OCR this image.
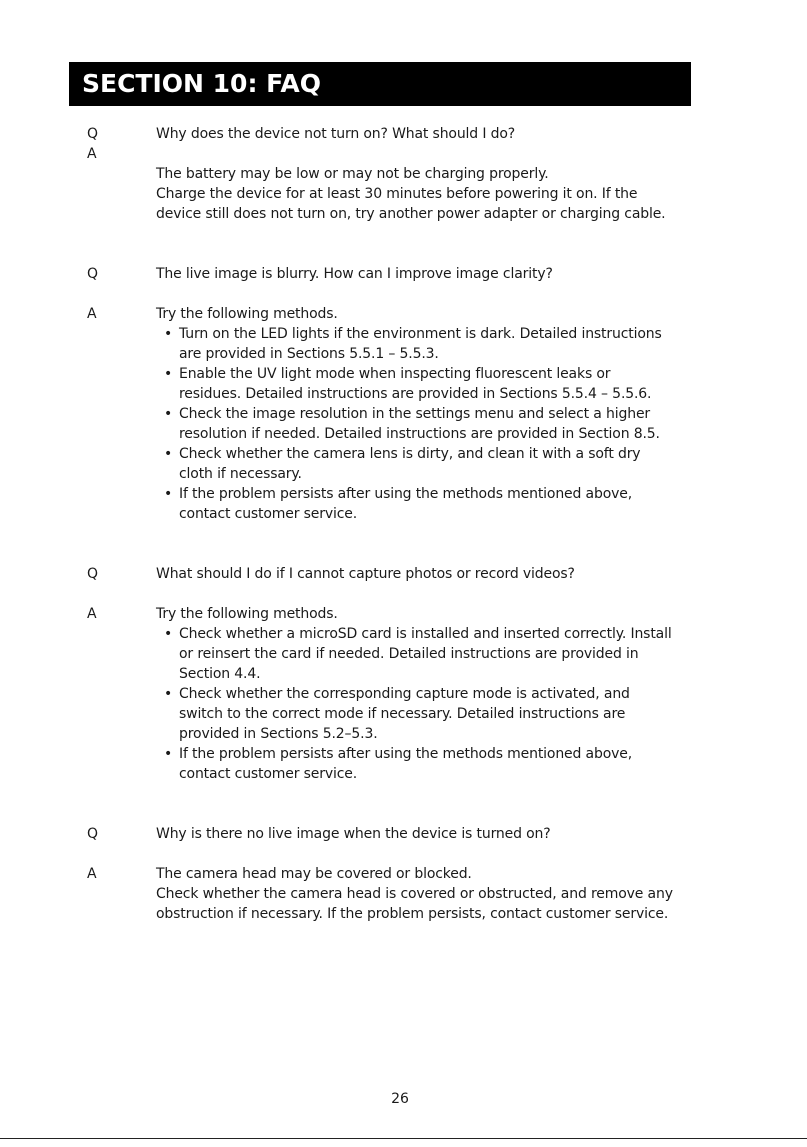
SECTION 10: FAQ
Q	Why does the device not turn on? What should I do?
A
The battery may be low or may not be charging properly.
Charge the device for at least 30 minutes before powering it on. If the
device still does not turn on, try another power adapter or charging cable.
Q	The live image is blurry. How can I improve image clarity?
A	Try the following methods.
• Turn on the LED lights if the environment is dark. Detailed instructions
are provided in Sections 5.5.1 – 5.5.3.
• Enable the UV light mode when inspecting fluorescent leaks or
residues. Detailed instructions are provided in Sections 5.5.4 – 5.5.6.
• Check the image resolution in the settings menu and select a higher
resolution if needed. Detailed instructions are provided in Section 8.5.
• Check whether the camera lens is dirty, and clean it with a soft dry
cloth if necessary.
• If the problem persists after using the methods mentioned above,
contact customer service.
Q	What should I do if I cannot capture photos or record videos?
A	Try the following methods.
• Check whether a microSD card is installed and inserted correctly. Install
or reinsert the card if needed. Detailed instructions are provided in
Section 4.4.
• Check whether the corresponding capture mode is activated, and
switch to the correct mode if necessary. Detailed instructions are
provided in Sections 5.2–5.3.
• If the problem persists after using the methods mentioned above,
contact customer service.
Q	Why is there no live image when the device is turned on?
A	The camera head may be covered or blocked.
Check whether the camera head is covered or obstructed, and remove any
obstruction if necessary. If the problem persists, contact customer service.
26
